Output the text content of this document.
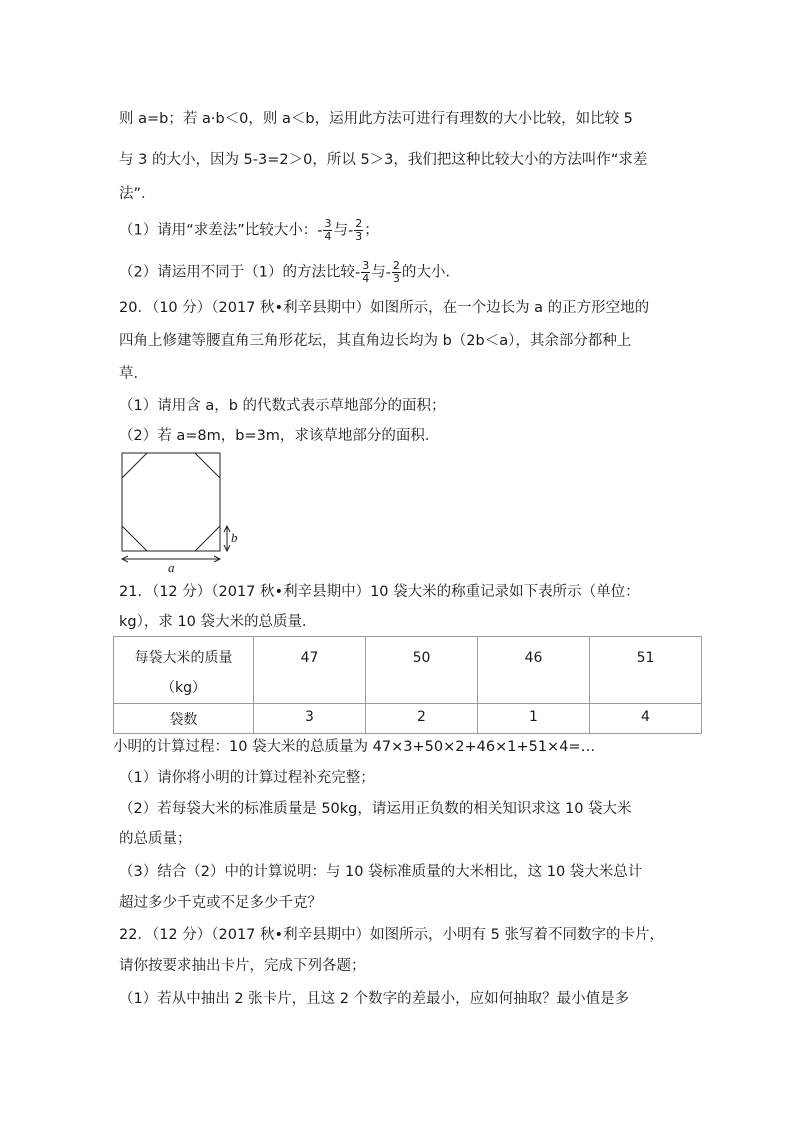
则 a=b；若 a·b＜0，则 a＜b，运用此方法可进行有理数的大小比较，如比较 5
与 3 的大小，因为 5-3=2＞0，所以 5＞3，我们把这种比较大小的方法叫作“求差
法”．
（1）请用“求差法”比较大小：- $\frac{3}{4}$ 与- $\frac{2}{3}$ ；
（2）请运用不同于（1）的方法比较- $\frac{3}{4}$ 与- $\frac{2}{3}$ 的大小．
20．（10 分）（2017 秋•利辛县期中）如图所示，在一个边长为 a 的正方形空地的
四角上修建等腰直角三角形花坛，其直角边长均为 b（2b＜a），其余部分都种上
草．
（1）请用含 a，b 的代数式表示草地部分的面积；
（2）若 a=8m，b=3m，求该草地部分的面积．
a
b
21．（12 分）（2017 秋•利辛县期中）10 袋大米的称重记录如下表所示（单位：
kg），求 10 袋大米的总质量．
每袋大米的质量
（kg）	47	50	46	51

袋数	3	2	1	4
小明的计算过程：10 袋大米的总质量为 47×3+50×2+46×1+51×4=…
（1）请你将小明的计算过程补充完整；
（2）若每袋大米的标准质量是 50kg，请运用正负数的相关知识求这 10 袋大米
的总质量；
（3）结合（2）中的计算说明：与 10 袋标准质量的大米相比，这 10 袋大米总计
超过多少千克或不足多少千克？
22．（12 分）（2017 秋•利辛县期中）如图所示，小明有 5 张写着不同数字的卡片，
请你按要求抽出卡片，完成下列各题；
（1）若从中抽出 2 张卡片，且这 2 个数字的差最小，应如何抽取？最小值是多
